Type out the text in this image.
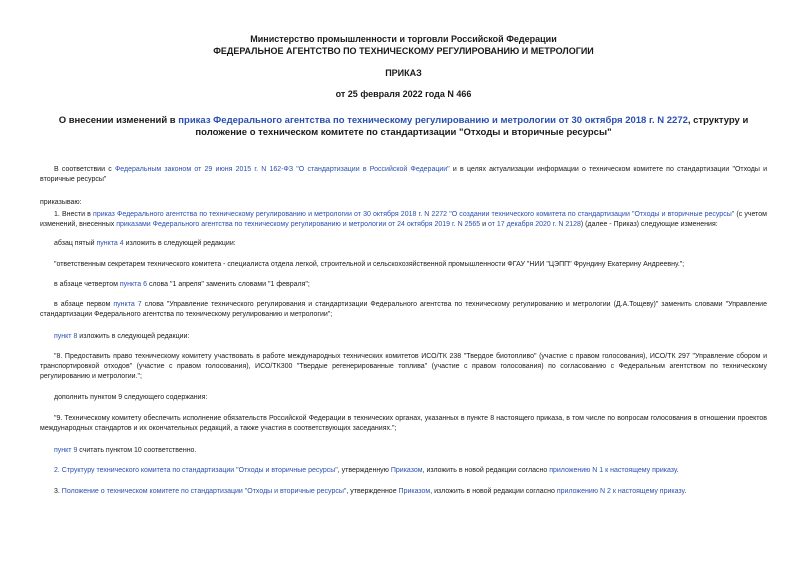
Министерство промышленности и торговли Российской Федерации
ФЕДЕРАЛЬНОЕ АГЕНТСТВО ПО ТЕХНИЧЕСКОМУ РЕГУЛИРОВАНИЮ И МЕТРОЛОГИИ
ПРИКАЗ
от 25 февраля 2022 года N 466
О внесении изменений в приказ Федерального агентства по техническому регулированию и метрологии от 30 октября 2018 г. N 2272, структуру и положение о техническом комитете по стандартизации "Отходы и вторичные ресурсы"
В соответствии с Федеральным законом от 29 июня 2015 г. N 162-ФЗ "О стандартизации в Российской Федерации" и в целях актуализации информации о техническом комитете по стандартизации "Отходы и вторичные ресурсы"
приказываю:
1. Внести в приказ Федерального агентства по техническому регулированию и метрологии от 30 октября 2018 г. N 2272 "О создании технического комитета по стандартизации "Отходы и вторичные ресурсы" (с учетом изменений, внесенных приказами Федерального агентства по техническому регулированию и метрологии от 24 октября 2019 г. N 2565 и от 17 декабря 2020 г. N 2128) (далее - Приказ) следующие изменения:
абзац пятый пункта 4 изложить в следующей редакции:
"ответственным секретарем технического комитета - специалиста отдела легкой, строительной и сельскохозяйственной промышленности ФГАУ "НИИ "ЦЭПП" Фрундину Екатерину Андреевну.";
в абзаце четвертом пункта 6 слова "1 апреля" заменить словами "1 февраля";
в абзаце первом пункта 7 слова "Управление технического регулирования и стандартизации Федерального агентства по техническому регулированию и метрологии (Д.А.Тощеву)" заменить словами "Управление стандартизации Федерального агентства по техническому регулированию и метрологии";
пункт 8 изложить в следующей редакции:
"8. Предоставить право техническому комитету участвовать в работе международных технических комитетов ИСО/ТК 238 "Твердое биотопливо" (участие с правом голосования), ИСО/ТК 297 "Управление сбором и транспортировкой отходов" (участие с правом голосования), ИСО/ТК300 "Твердые регенерированные топлива" (участие с правом голосования) по согласованию с Федеральным агентством по техническому регулированию и метрологии.";
дополнить пунктом 9 следующего содержания:
"9. Техническому комитету обеспечить исполнение обязательств Российской Федерации в технических органах, указанных в пункте 8 настоящего приказа, в том числе по вопросам голосования в отношении проектов международных стандартов и их окончательных редакций, а также участия в соответствующих заседаниях.";
пункт 9 считать пунктом 10 соответственно.
2. Структуру технического комитета по стандартизации "Отходы и вторичные ресурсы", утвержденную Приказом, изложить в новой редакции согласно приложению N 1 к настоящему приказу.
3. Положение о техническом комитете по стандартизации "Отходы и вторичные ресурсы", утвержденное Приказом, изложить в новой редакции согласно приложению N 2 к настоящему приказу.
